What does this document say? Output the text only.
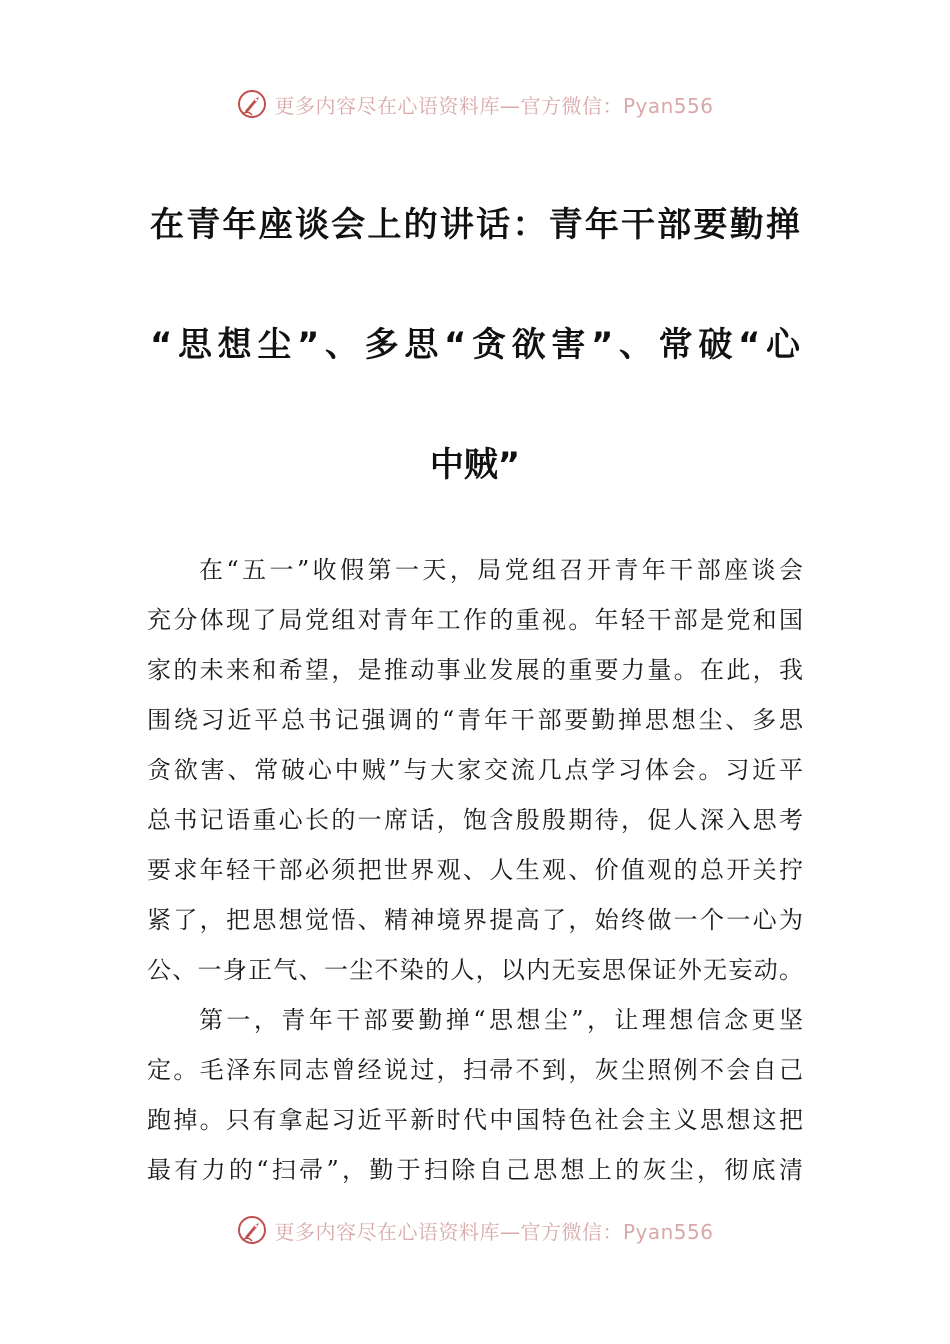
更多内容尽在心语资料库—官方微信：Pyan556
在青年座谈会上的讲话：青年干部要勤掸
“思想尘”、多思“贪欲害”、常破“心
中贼”
在“五一”收假第一天，局党组召开青年干部座谈会
充分体现了局党组对青年工作的重视。年轻干部是党和国
家的未来和希望，是推动事业发展的重要力量。在此，我
围绕习近平总书记强调的“青年干部要勤掸思想尘、多思
贪欲害、常破心中贼”与大家交流几点学习体会。习近平
总书记语重心长的一席话，饱含殷殷期待，促人深入思考
要求年轻干部必须把世界观、人生观、价值观的总开关拧
紧了，把思想觉悟、精神境界提高了，始终做一个一心为
公、一身正气、一尘不染的人，以内无妄思保证外无妄动。
第一，青年干部要勤掸“思想尘”，让理想信念更坚
定。毛泽东同志曾经说过，扫帚不到，灰尘照例不会自己
跑掉。只有拿起习近平新时代中国特色社会主义思想这把
最有力的“扫帚”，勤于扫除自己思想上的灰尘，彻底清
更多内容尽在心语资料库—官方微信：Pyan556
